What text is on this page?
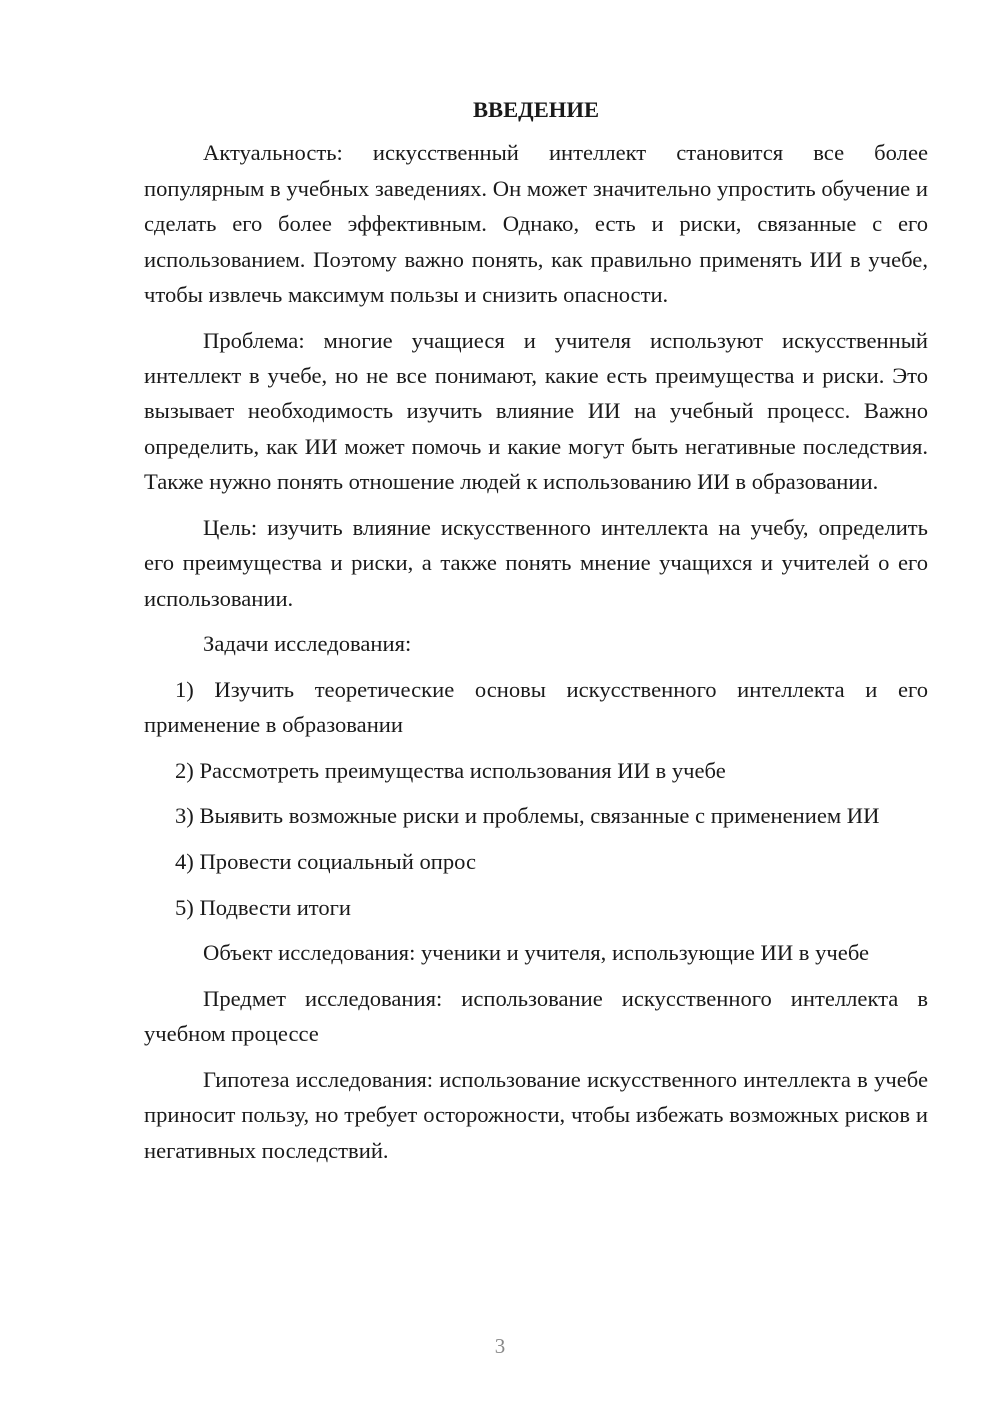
ВВЕДЕНИЕ

Актуальность: искусственный интеллект становится все более популярным в учебных заведениях. Он может значительно упростить обучение и сделать его более эффективным. Однако, есть и риски, связанные с его использованием. Поэтому важно понять, как правильно применять ИИ в учебе, чтобы извлечь максимум пользы и снизить опасности.

Проблема: многие учащиеся и учителя используют искусственный интеллект в учебе, но не все понимают, какие есть преимущества и риски. Это вызывает необходимость изучить влияние ИИ на учебный процесс. Важно определить, как ИИ может помочь и какие могут быть негативные последствия. Также нужно понять отношение людей к использованию ИИ в образовании.

Цель: изучить влияние искусственного интеллекта на учебу, определить его преимущества и риски, а также понять мнение учащихся и учителей о его использовании.

Задачи исследования:

1) Изучить теоретические основы искусственного интеллекта и его применение в образовании

2) Рассмотреть преимущества использования ИИ в учебе

3) Выявить возможные риски и проблемы, связанные с применением ИИ

4) Провести социальный опрос

5) Подвести итоги

Объект исследования: ученики и учителя, использующие ИИ в учебе

Предмет исследования: использование искусственного интеллекта в учебном процессе

Гипотеза исследования: использование искусственного интеллекта в учебе приносит пользу, но требует осторожности, чтобы избежать возможных рисков и негативных последствий.

3
